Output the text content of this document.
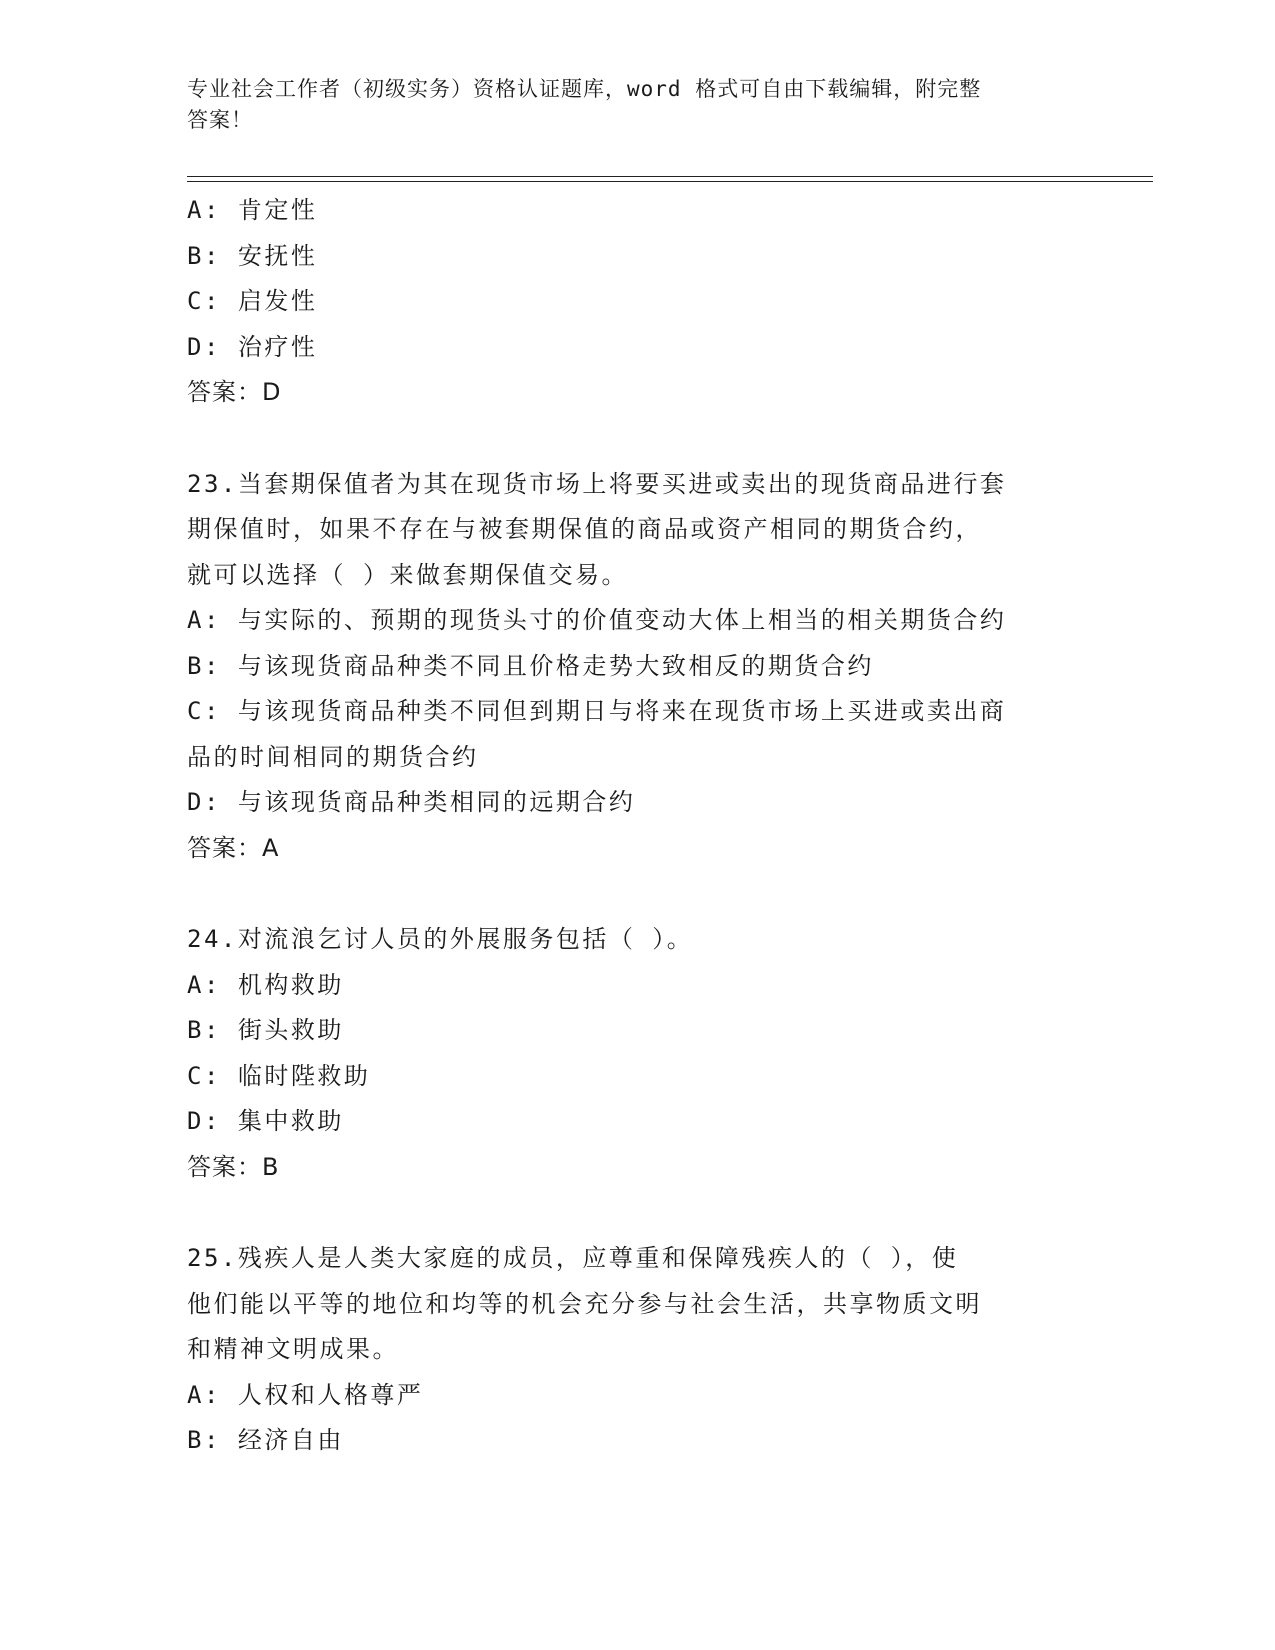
专业社会工作者（初级实务）资格认证题库，word 格式可自由下载编辑，附完整
答案！
A: 肯定性
B: 安抚性
C: 启发性
D: 治疗性
答案：D
23.当套期保值者为其在现货市场上将要买进或卖出的现货商品进行套
期保值时，如果不存在与被套期保值的商品或资产相同的期货合约，
就可以选择（ ）来做套期保值交易。
A: 与实际的、预期的现货头寸的价值变动大体上相当的相关期货合约
B: 与该现货商品种类不同且价格走势大致相反的期货合约
C: 与该现货商品种类不同但到期日与将来在现货市场上买进或卖出商
品的时间相同的期货合约
D: 与该现货商品种类相同的远期合约
答案：A
24.对流浪乞讨人员的外展服务包括（ ）。
A: 机构救助
B: 街头救助
C: 临时陛救助
D: 集中救助
答案：B
25.残疾人是人类大家庭的成员，应尊重和保障残疾人的（ ），使
他们能以平等的地位和均等的机会充分参与社会生活，共享物质文明
和精神文明成果。
A: 人权和人格尊严
B: 经济自由
